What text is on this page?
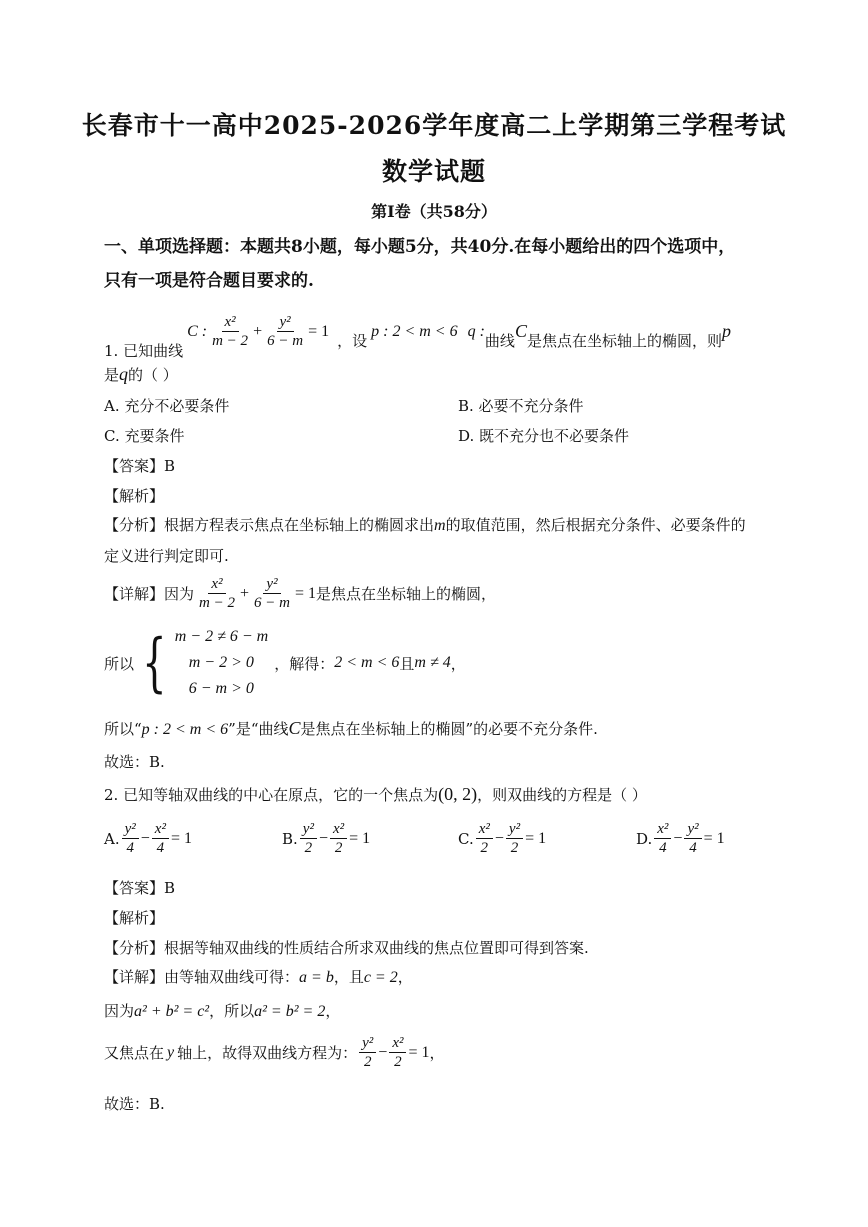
长春市十一高中2025-2026学年度高二上学期第三学程考试
数学试题
第I卷（共58分）
一、单项选择题：本题共8小题，每小题5分，共40分.在每小题给出的四个选项中，
只有一项是符合题目要求的.
1. 已知曲线
C : $\frac{\text{x²}}{m - 2} + \frac{\text{y²}}{6 - m} = 1$
，设
p : 2 < m < 6 q :
曲线 C 是焦点在坐标轴上的椭圆，则 p
是q的（ ）
A. 充分不必要条件	B. 必要不充分条件
C. 充要条件	D. 既不充分也不必要条件
【答案】B
【解析】
【分析】根据方程表示焦点在坐标轴上的椭圆求出m的取值范围，然后根据充分条件、必要条件的
定义进行判定即可.
【详解】因为 $\frac{\text{x²}}{m - 2} + \frac{\text{y²}}{6 - m} = 1$ 是焦点在坐标轴上的椭圆，
所以 { m − 2 ≠ 6 − m
m − 2 > 0
6 − m > 0
，解得： 2 < m < 6 且 m ≠ 4 ，
所以“p : 2 < m < 6”是“曲线C是焦点在坐标轴上的椭圆”的必要不充分条件.
故选：B.
2. 已知等轴双曲线的中心在原点，它的一个焦点为(0, 2)，则双曲线的方程是（ ）
A. $\frac{\text{y²}}{4} - \frac{\text{x²}}{4} = 1$	B. $\frac{\text{y²}}{2} - \frac{\text{x²}}{2} = 1$	C. $\frac{\text{x²}}{2} - \frac{\text{y²}}{2} = 1$	D. $\frac{\text{x²}}{4} - \frac{\text{y²}}{4} = 1$
【答案】B
【解析】
【分析】根据等轴双曲线的性质结合所求双曲线的焦点位置即可得到答案.
【详解】由等轴双曲线可得：a = b，且c = 2，
因为a² + b² = c²，所以a² = b² = 2，
又焦点在 y 轴上，故得双曲线方程为： $\frac{\text{y²}}{2} - \frac{\text{x²}}{2} = 1$ ，
故选：B.
